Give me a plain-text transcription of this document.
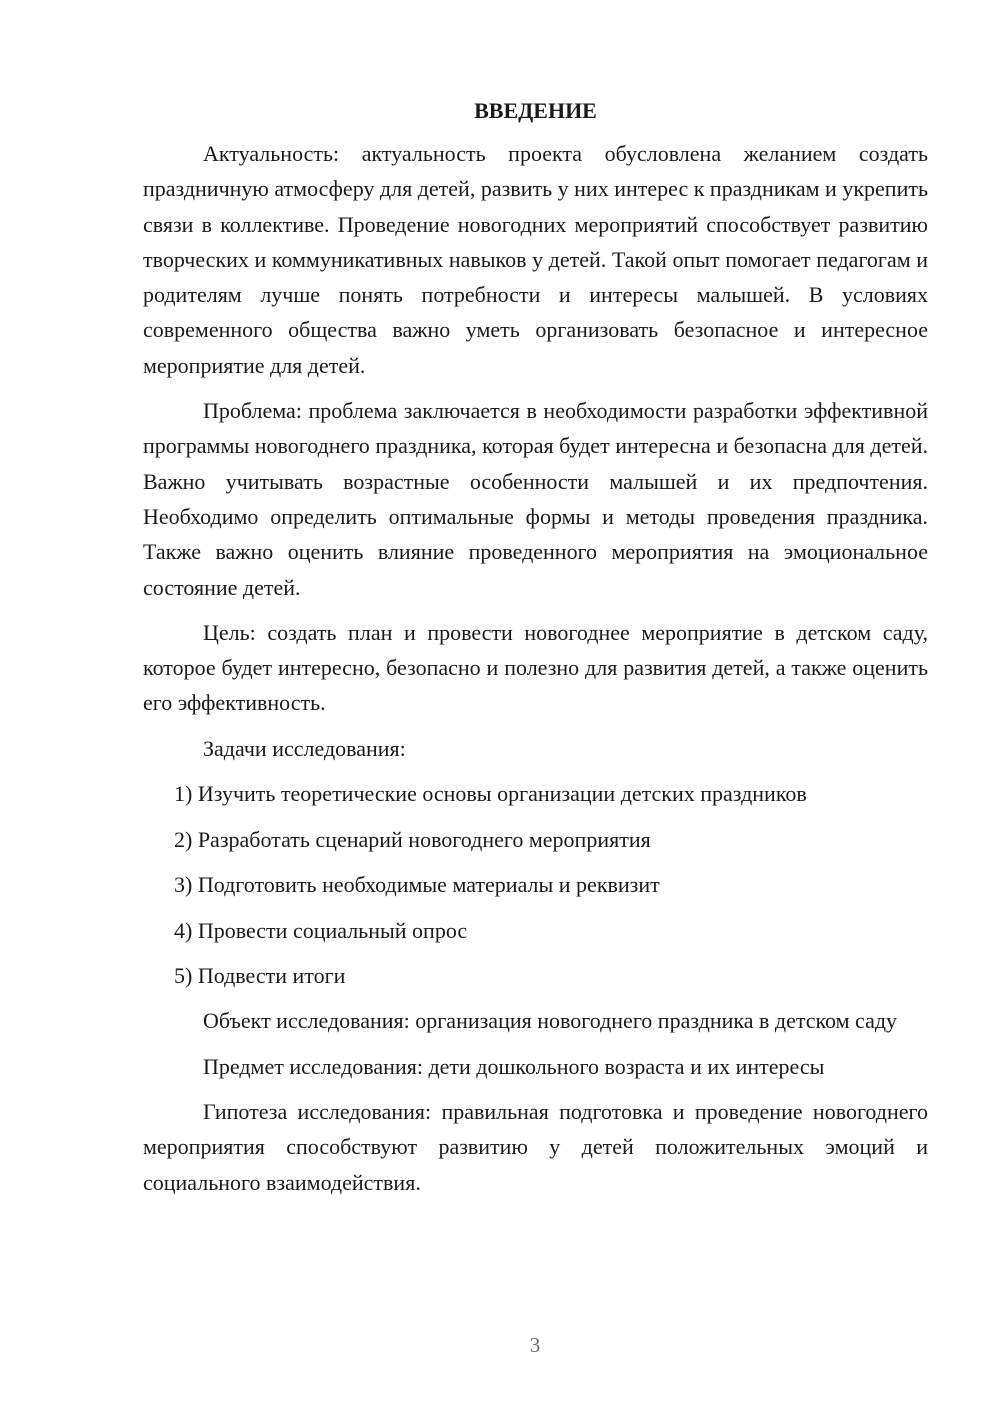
ВВЕДЕНИЕ

Актуальность: актуальность проекта обусловлена желанием создать праздничную атмосферу для детей, развить у них интерес к праздникам и укрепить связи в коллективе. Проведение новогодних мероприятий способствует развитию творческих и коммуникативных навыков у детей. Такой опыт помогает педагогам и родителям лучше понять потребности и интересы малышей. В условиях современного общества важно уметь организовать безопасное и интересное мероприятие для детей.

Проблема: проблема заключается в необходимости разработки эффективной программы новогоднего праздника, которая будет интересна и безопасна для детей. Важно учитывать возрастные особенности малышей и их предпочтения. Необходимо определить оптимальные формы и методы проведения праздника. Также важно оценить влияние проведенного мероприятия на эмоциональное состояние детей.

Цель: создать план и провести новогоднее мероприятие в детском саду, которое будет интересно, безопасно и полезно для развития детей, а также оценить его эффективность.

Задачи исследования:

1) Изучить теоретические основы организации детских праздников
2) Разработать сценарий новогоднего мероприятия
3) Подготовить необходимые материалы и реквизит
4) Провести социальный опрос
5) Подвести итоги

Объект исследования: организация новогоднего праздника в детском саду

Предмет исследования: дети дошкольного возраста и их интересы

Гипотеза исследования: правильная подготовка и проведение новогоднего мероприятия способствуют развитию у детей положительных эмоций и социального взаимодействия.

3
